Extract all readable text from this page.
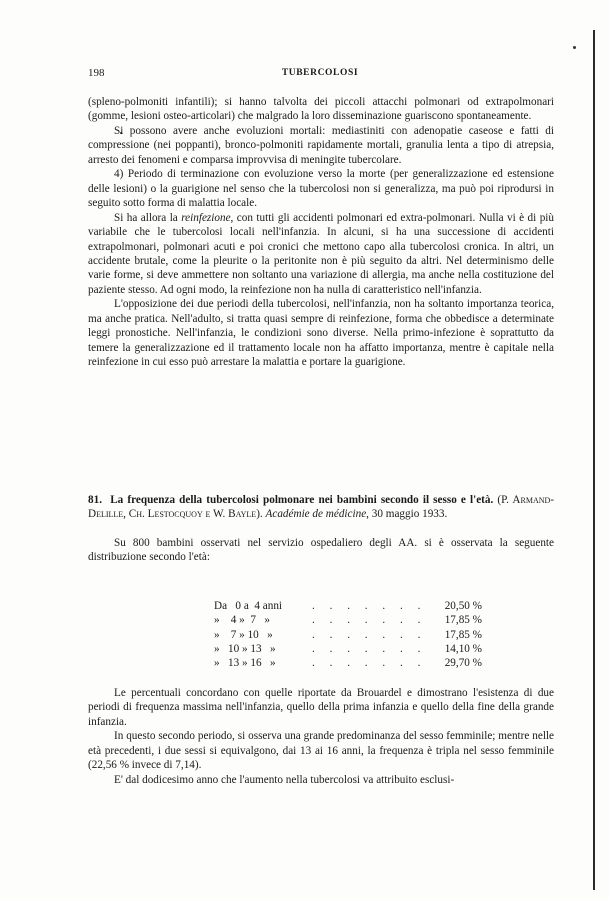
198	TUBERCOLOSI

(spleno-polmoniti infantili); si hanno talvolta dei piccoli attacchi polmonari od extrapolmonari (gomme, lesioni osteo-articolari) che malgrado la loro disseminazione guariscono spontaneamente.

Si possono avere anche evoluzioni mortali: mediastiniti con adenopatie caseose e fatti di compressione (nei poppanti), bronco-polmoniti rapidamente mortali, granulia lenta a tipo di atrepsia, arresto dei fenomeni e comparsa improvvisa di meningite tubercolare.

4) Periodo di terminazione con evoluzione verso la morte (per generalizzazione ed estensione delle lesioni) o la guarigione nel senso che la tubercolosi non si generalizza, ma può poi riprodursi in seguito sotto forma di malattia locale.

Si ha allora la reinfezione, con tutti gli accidenti polmonari ed extra-polmonari. Nulla vi è di più variabile che le tubercolosi locali nell'infanzia. In alcuni, si ha una successione di accidenti extrapolmonari, polmonari acuti e poi cronici che mettono capo alla tubercolosi cronica. In altri, un accidente brutale, come la pleurite o la peritonite non è più seguito da altri. Nel determinismo delle varie forme, si deve ammettere non soltanto una variazione di allergia, ma anche nella costituzione del paziente stesso. Ad ogni modo, la reinfezione non ha nulla di caratteristico nell'infanzia.

L'opposizione dei due periodi della tubercolosi, nell'infanzia, non ha soltanto importanza teorica, ma anche pratica. Nell'adulto, si tratta quasi sempre di reinfezione, forma che obbedisce a determinate leggi pronostiche. Nell'infanzia, le condizioni sono diverse. Nella primo-infezione è soprattutto da temere la generalizzazione ed il trattamento locale non ha affatto importanza, mentre è capitale nella reinfezione in cui esso può arrestare la malattia e portare la guarigione.

81. La frequenza della tubercolosi polmonare nei bambini secondo il sesso e l'età. (P. Armand-Delille, Ch. Lestocquoy e W. Bayle). Académie de médicine, 30 maggio 1933.

Su 800 bambini osservati nel servizio ospedaliero degli AA. si è osservata la seguente distribuzione secondo l'età:

Da   0 a  4 anni	. . . . . . .	20,50 %
»    4 »  7   »	. . . . . . .	17,85 %
»    7 » 10   »	. . . . . . .	17,85 %
»   10 » 13   »	. . . . . . .	14,10 %
»   13 » 16   »	. . . . . . .	29,70 %

Le percentuali concordano con quelle riportate da Brouardel e dimostrano l'esistenza di due periodi di frequenza massima nell'infanzia, quello della prima infanzia e quello della fine della grande infanzia.

In questo secondo periodo, si osserva una grande predominanza del sesso femminile; mentre nelle età precedenti, i due sessi si equivalgono, dai 13 ai 16 anni, la frequenza è tripla nel sesso femminile (22,56 % invece di 7,14).

E' dal dodicesimo anno che l'aumento nella tubercolosi va attribuito esclusi-
